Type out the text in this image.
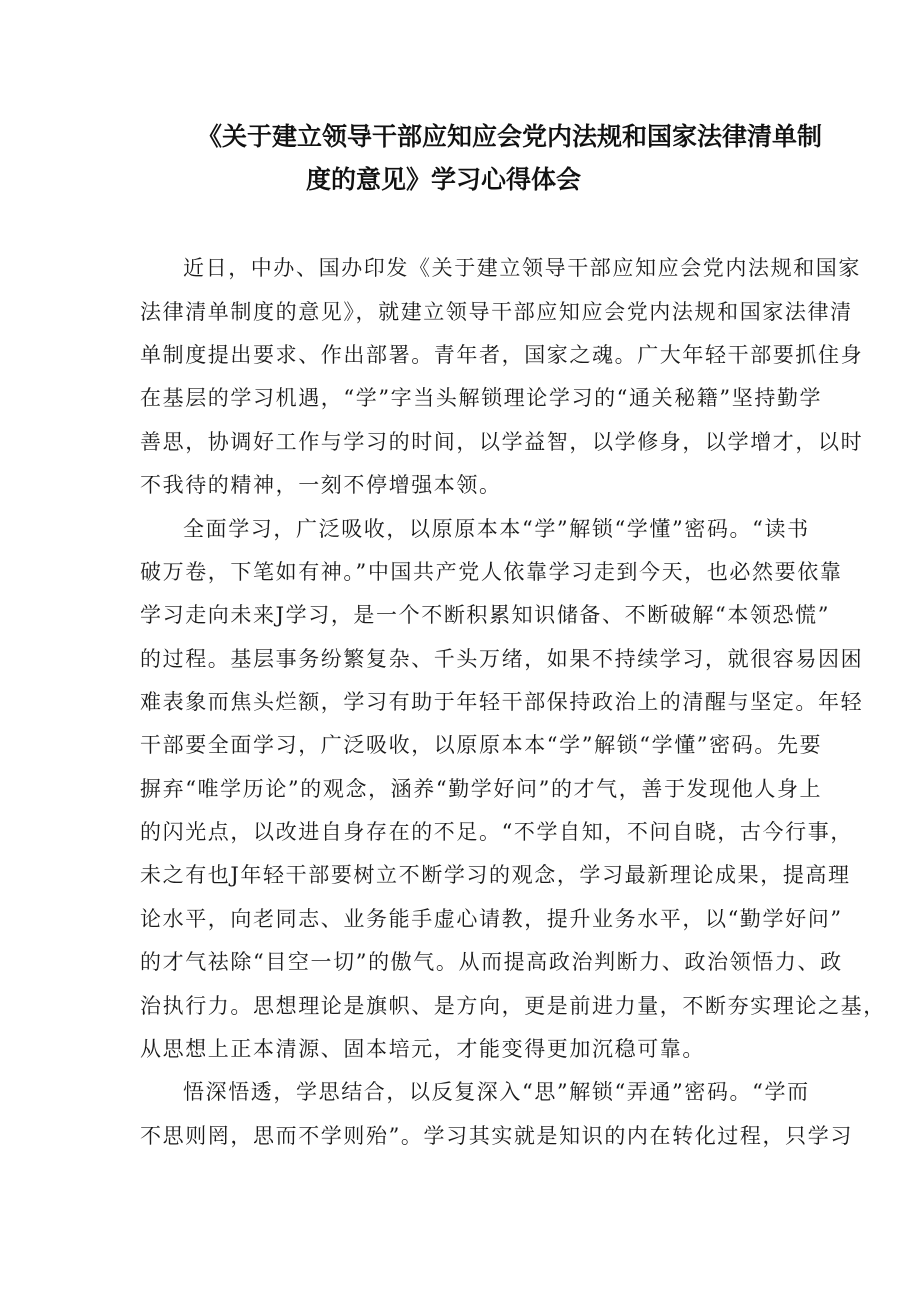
《关于建立领导干部应知应会党内法规和国家法律清单制
度的意见》学习心得体会
近日，中办、国办印发《关于建立领导干部应知应会党内法规和国家
法律清单制度的意见》，就建立领导干部应知应会党内法规和国家法律清
单制度提出要求、作出部署。青年者，国家之魂。广大年轻干部要抓住身
在基层的学习机遇，“学”字当头解锁理论学习的“通关秘籍”坚持勤学
善思，协调好工作与学习的时间，以学益智，以学修身，以学增才，以时
不我待的精神，一刻不停增强本领。
全面学习，广泛吸收，以原原本本“学”解锁“学懂”密码。“读书
破万卷，下笔如有神。”中国共产党人依靠学习走到今天，也必然要依靠
学习走向未来J学习，是一个不断积累知识储备、不断破解“本领恐慌”
的过程。基层事务纷繁复杂、千头万绪，如果不持续学习，就很容易因困
难表象而焦头烂额，学习有助于年轻干部保持政治上的清醒与坚定。年轻
干部要全面学习，广泛吸收，以原原本本“学”解锁“学懂”密码。先要
摒弃“唯学历论”的观念，涵养“勤学好问”的才气，善于发现他人身上
的闪光点，以改进自身存在的不足。“不学自知，不问自晓，古今行事，
未之有也J年轻干部要树立不断学习的观念，学习最新理论成果，提高理
论水平，向老同志、业务能手虚心请教，提升业务水平，以“勤学好问”
的才气祛除“目空一切”的傲气。从而提高政治判断力、政治领悟力、政
治执行力。思想理论是旗帜、是方向，更是前进力量，不断夯实理论之基，
从思想上正本清源、固本培元，才能变得更加沉稳可靠。
悟深悟透，学思结合，以反复深入“思”解锁“弄通”密码。“学而
不思则罔，思而不学则殆”。学习其实就是知识的内在转化过程，只学习
